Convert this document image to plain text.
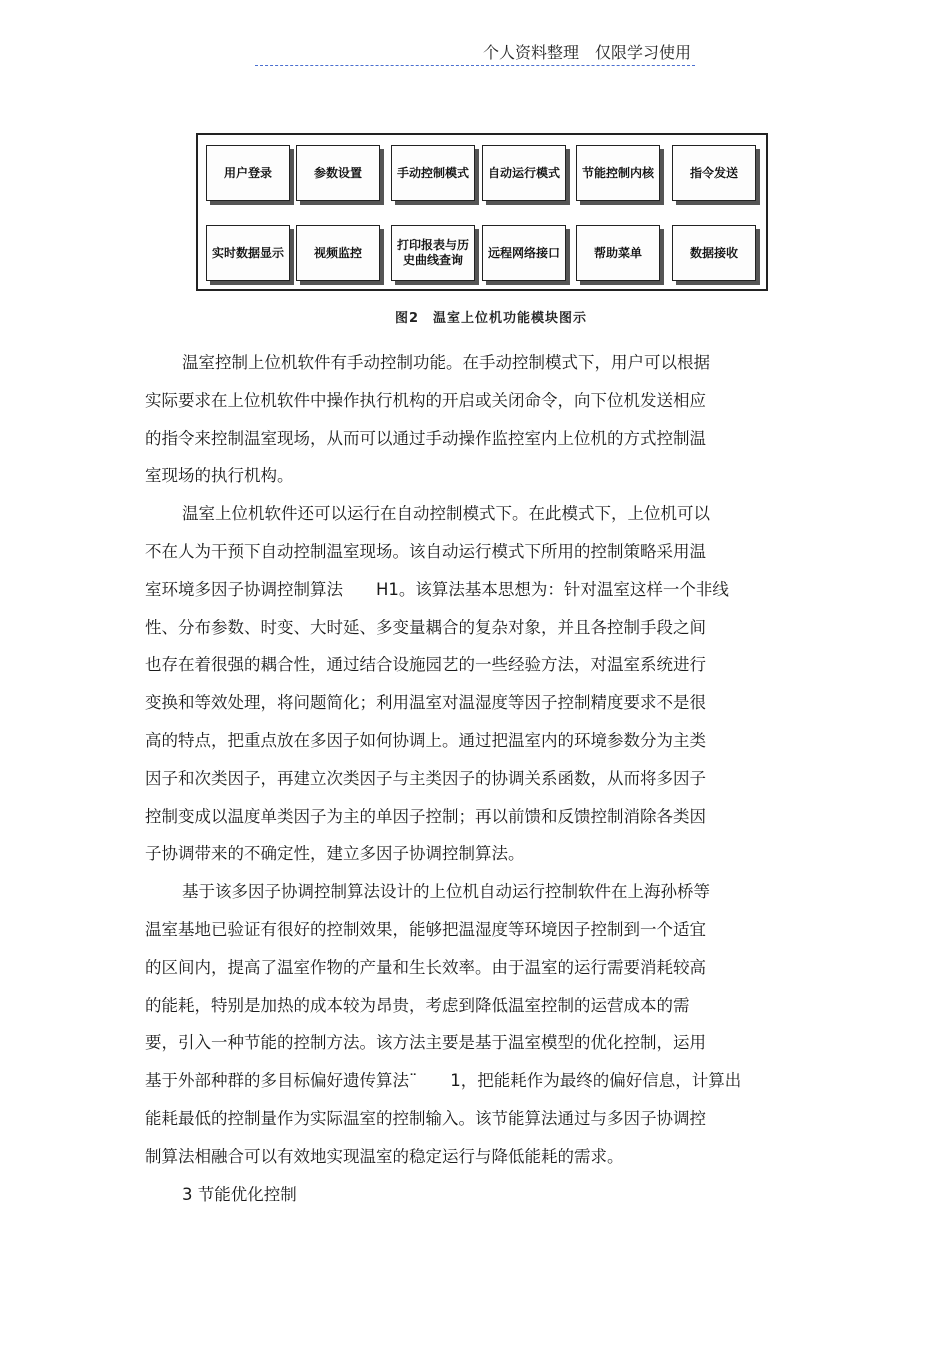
个人资料整理　仅限学习使用
用户登录	参数设置	手动控制模式	自动运行模式	节能控制内核	指令发送
实时数据显示	视频监控
打印报表与历史曲线查询
远程网络接口	帮助菜单	数据接收
图2　温室上位机功能模块图示
温室控制上位机软件有手动控制功能。在手动控制模式下，用户可以根据
实际要求在上位机软件中操作执行机构的开启或关闭命令，向下位机发送相应
的指令来控制温室现场，从而可以通过手动操作监控室内上位机的方式控制温
室现场的执行机构。
温室上位机软件还可以运行在自动控制模式下。在此模式下，上位机可以
不在人为干预下自动控制温室现场。该自动运行模式下所用的控制策略采用温
室环境多因子协调控制算法　　H1。该算法基本思想为：针对温室这样一个非线
性、分布参数、时变、大时延、多变量耦合的复杂对象，并且各控制手段之间
也存在着很强的耦合性，通过结合设施园艺的一些经验方法，对温室系统进行
变换和等效处理，将问题简化；利用温室对温湿度等因子控制精度要求不是很
高的特点，把重点放在多因子如何协调上。通过把温室内的环境参数分为主类
因子和次类因子，再建立次类因子与主类因子的协调关系函数，从而将多因子
控制变成以温度单类因子为主的单因子控制；再以前馈和反馈控制消除各类因
子协调带来的不确定性，建立多因子协调控制算法。
基于该多因子协调控制算法设计的上位机自动运行控制软件在上海孙桥等
温室基地已验证有很好的控制效果，能够把温湿度等环境因子控制到一个适宜
的区间内，提高了温室作物的产量和生长效率。由于温室的运行需要消耗较高
的能耗，特别是加热的成本较为昂贵，考虑到降低温室控制的运营成本的需
要，引入一种节能的控制方法。该方法主要是基于温室模型的优化控制，运用
基于外部种群的多目标偏好遗传算法¨　　1，把能耗作为最终的偏好信息，计算出
能耗最低的控制量作为实际温室的控制输入。该节能算法通过与多因子协调控
制算法相融合可以有效地实现温室的稳定运行与降低能耗的需求。
3 节能优化控制
